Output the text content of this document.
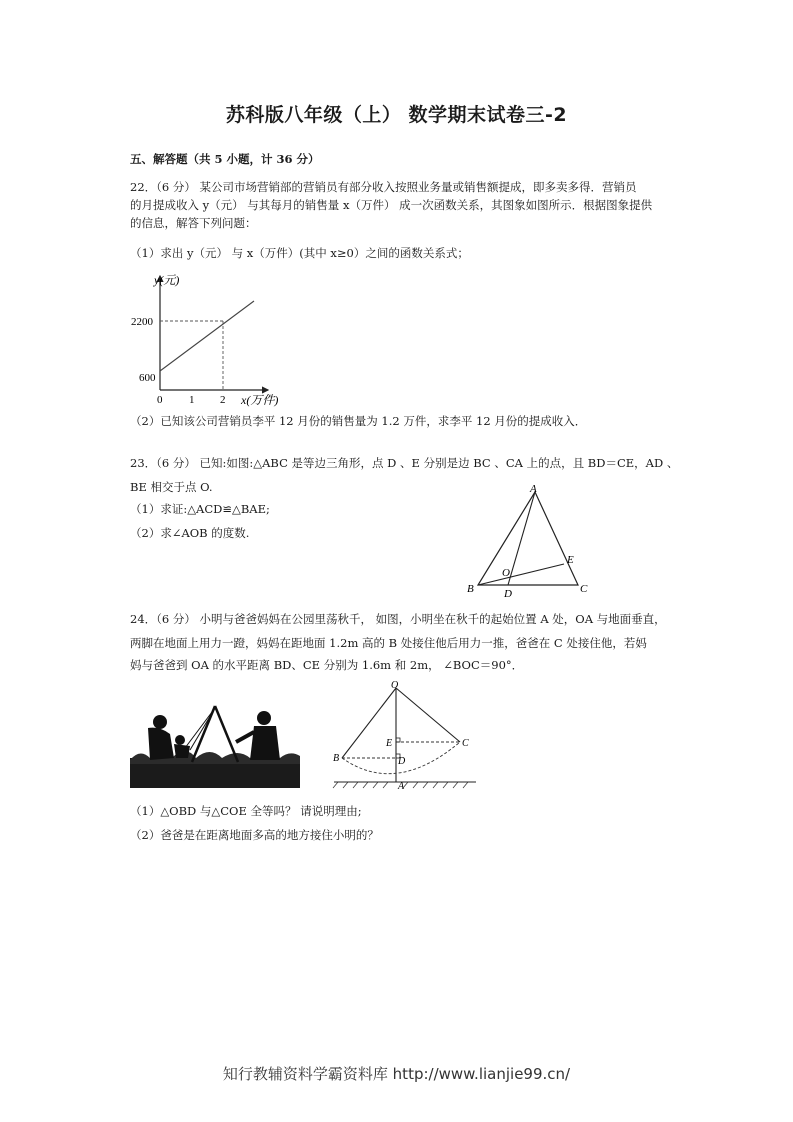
苏科版八年级（上） 数学期末试卷三-2
五、解答题（共 5 小题，计 36 分）
22．（6 分） 某公司市场营销部的营销员有部分收入按照业务量或销售额提成，即多卖多得．营销员
的月提成收入 y（元） 与其每月的销售量 x（万件） 成一次函数关系，其图象如图所示．根据图象提供
的信息，解答下列问题：
（1）求出 y（元） 与 x（万件）(其中 x≥0）之间的函数关系式；
y(元)
2200
600
0 1 2 x(万件)
（2）已知该公司营销员李平 12 月份的销售量为 1.2 万件，求李平 12 月份的提成收入．
23．（6 分） 已知:如图:△ABC 是等边三角形，点 D 、E 分别是边 BC 、CA 上的点，且 BD＝CE，AD 、
BE 相交于点 O.
（1）求证:△ACD≌△BAE;
（2）求∠AOB 的度数.
A
B	C
D
E
O
24．（6 分） 小明与爸爸妈妈在公园里荡秋千， 如图，小明坐在秋千的起始位置 A 处，OA 与地面垂直，
两脚在地面上用力一蹬，妈妈在距地面 1.2m 高的 B 处接住他后用力一推，爸爸在 C 处接住他，若妈
妈与爸爸到 OA 的水平距离 BD、CE 分别为 1.6m 和 2m， ∠BOC＝90°．
O
B
C
D
E
A
（1）△OBD 与△COE 全等吗？ 请说明理由;
（2）爸爸是在距离地面多高的地方接住小明的？
知行教辅资料学霸资料库 http://www.lianjie99.cn/
